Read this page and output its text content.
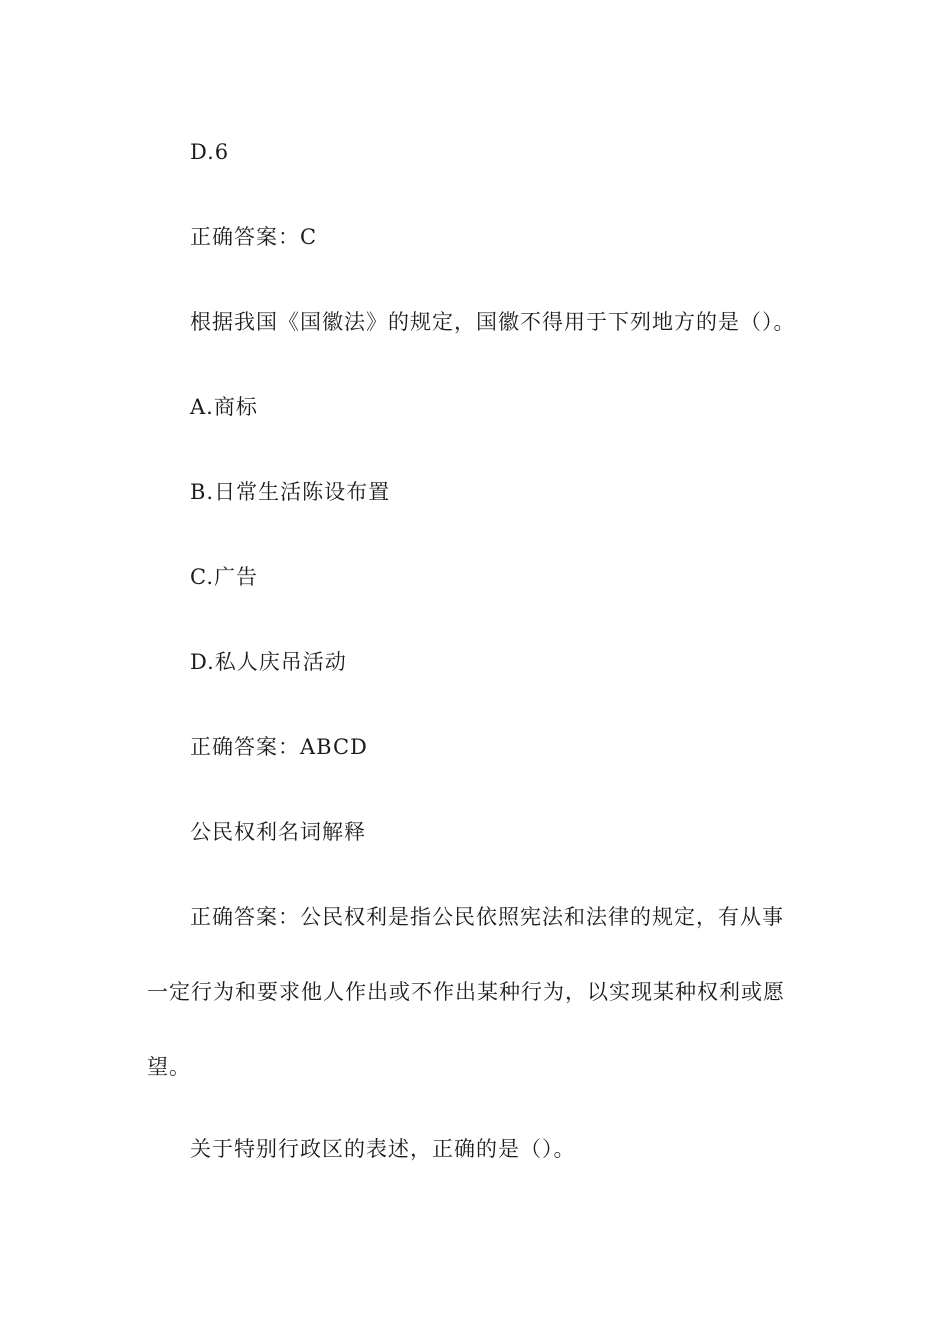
D.6
正确答案：C
根据我国《国徽法》的规定，国徽不得用于下列地方的是（）。
A.商标
B.日常生活陈设布置
C.广告
D.私人庆吊活动
正确答案：ABCD
公民权利名词解释
正确答案：公民权利是指公民依照宪法和法律的规定，有从事
一定行为和要求他人作出或不作出某种行为，以实现某种权利或愿
望。
关于特别行政区的表述，正确的是（）。
